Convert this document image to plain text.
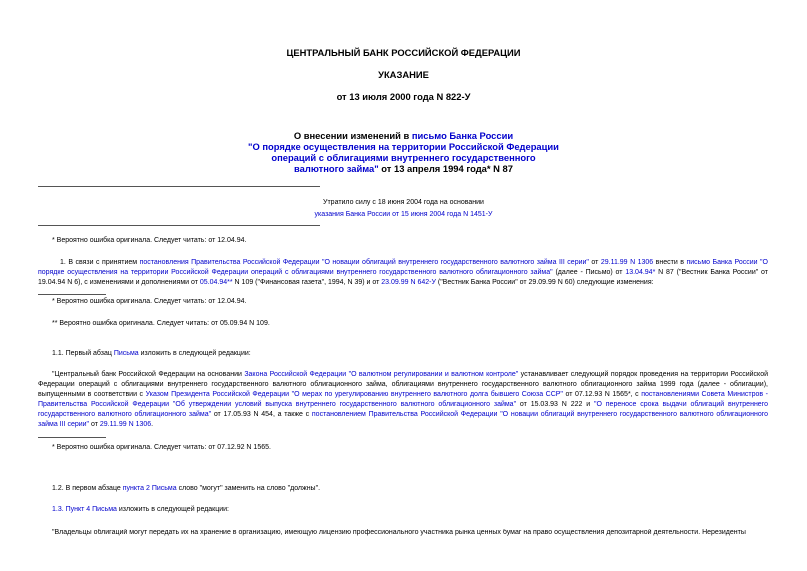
ЦЕНТРАЛЬНЫЙ БАНК РОССИЙСКОЙ ФЕДЕРАЦИИ
УКАЗАНИЕ
от 13 июля 2000 года N 822-У
О внесении изменений в письмо Банка России
"О порядке осуществления на территории Российской Федерации
операций с облигациями внутреннего государственного
валютного займа" от 13 апреля 1994 года* N 87
Утратило силу с 18 июня 2004 года на основании
указания Банка России от 15 июня 2004 года N 1451-У
* Вероятно ошибка оригинала. Следует читать: от 12.04.94.

1. В связи с принятием постановления Правительства Российской Федерации "О новации облигаций внутреннего государственного валютного займа III серии" от 29.11.99 N 1306 внести в письмо Банка России "О порядке осуществления на территории Российской Федерации операций с облигациями внутреннего государственного валютного облигационного займа" (далее - Письмо) от 13.04.94* N 87 ("Вестник Банка России" от 19.04.94 N 6), с изменениями и дополнениями от 05.04.94** N 109 ("Финансовая газета", 1994, N 39) и от 23.09.99 N 642-У ("Вестник Банка России" от 29.09.99 N 60) следующие изменения:

* Вероятно ошибка оригинала. Следует читать: от 12.04.94.
** Вероятно ошибка оригинала. Следует читать: от 05.09.94 N 109.
1.1. Первый абзац Письма изложить в следующей редакции:

"Центральный банк Российской Федерации на основании Закона Российской Федерации "О валютном регулировании и валютном контроле" устанавливает следующий порядок проведения на территории Российской Федерации операций с облигациями внутреннего государственного валютного облигационного займа, облигациями внутреннего государственного валютного облигационного займа 1999 года (далее - облигации), выпущенными в соответствии с Указом Президента Российской Федерации "О мерах по урегулированию внутреннего валютного долга бывшего Союза ССР" от 07.12.93 N 1565*, с постановлениями Совета Министров - Правительства Российской Федерации "Об утверждении условий выпуска внутреннего государственного валютного облигационного займа" от 15.03.93 N 222 и "О переносе срока выдачи облигаций внутреннего государственного валютного облигационного займа" от 17.05.93 N 454, а также с постановлением Правительства Российской Федерации "О новации облигаций внутреннего государственного валютного облигационного займа III серии" от 29.11.99 N 1306.

* Вероятно ошибка оригинала. Следует читать: от 07.12.92 N 1565.
1.2. В первом абзаце пункта 2 Письма слово "могут" заменить на слово "должны".
1.3. Пункт 4 Письма изложить в следующей редакции:
"Владельцы облигаций могут передать их на хранение в организацию, имеющую лицензию профессионального участника рынка ценных бумаг на право осуществления депозитарной деятельности. Нерезиденты
